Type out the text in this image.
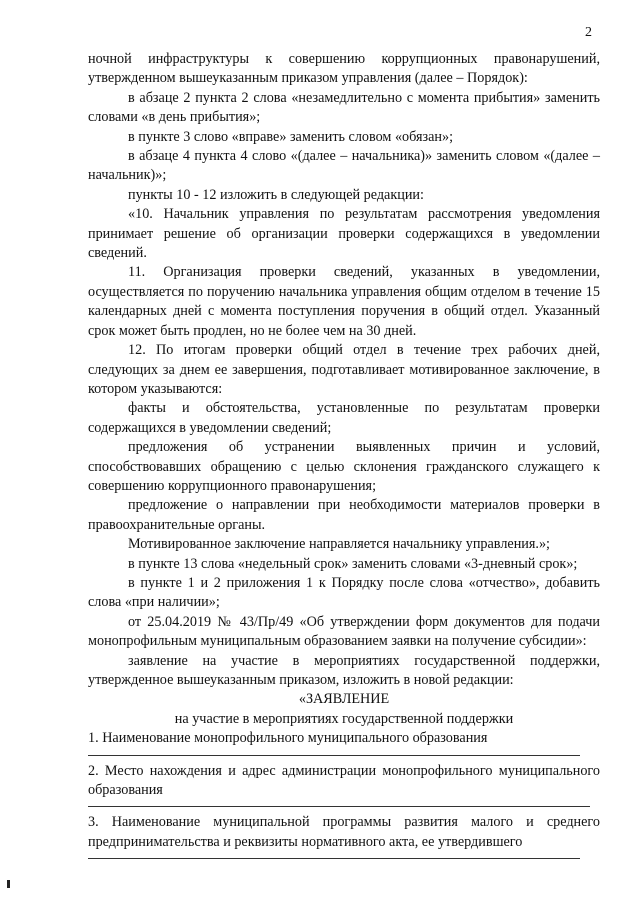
2

ночной инфраструктуры к совершению коррупционных правонарушений, утвержденном вышеуказанным приказом управления (далее – Порядок):

в абзаце 2 пункта 2 слова «незамедлительно с момента прибытия» заменить словами «в день прибытия»;

в пункте 3 слово «вправе» заменить словом «обязан»;

в абзаце 4 пункта 4 слово «(далее – начальника)» заменить словом «(далее – начальник)»;

пункты 10 - 12 изложить в следующей редакции:

«10. Начальник управления по результатам рассмотрения уведомления принимает решение об организации проверки содержащихся в уведомлении сведений.

11. Организация проверки сведений, указанных в уведомлении, осуществляется по поручению начальника управления общим отделом в течение 15 календарных дней с момента поступления поручения в общий отдел. Указанный срок может быть продлен, но не более чем на 30 дней.

12. По итогам проверки общий отдел в течение трех рабочих дней, следующих за днем ее завершения, подготавливает мотивированное заключение, в котором указываются:

факты и обстоятельства, установленные по результатам проверки содержащихся в уведомлении сведений;

предложения об устранении выявленных причин и условий, способствовавших обращению с целью склонения гражданского служащего к совершению коррупционного правонарушения;

предложение о направлении при необходимости материалов проверки в правоохранительные органы.

Мотивированное заключение направляется начальнику управления.»;

в пункте 13 слова «недельный срок» заменить словами «3-дневный срок»;

в пункте 1 и 2 приложения 1 к Порядку после слова «отчество», добавить слова «при наличии»;

от 25.04.2019 № 43/Пр/49 «Об утверждении форм документов для подачи монопрофильным муниципальным образованием заявки на получение субсидии»:

заявление на участие в мероприятиях государственной поддержки, утвержденное вышеуказанным приказом, изложить в новой редакции:

«ЗАЯВЛЕНИЕ

на участие в мероприятиях государственной поддержки

1. Наименование монопрофильного муниципального образования

2. Место нахождения и адрес администрации монопрофильного муниципального образования

3. Наименование муниципальной программы развития малого и среднего предпринимательства и реквизиты нормативного акта, ее утвердившего
